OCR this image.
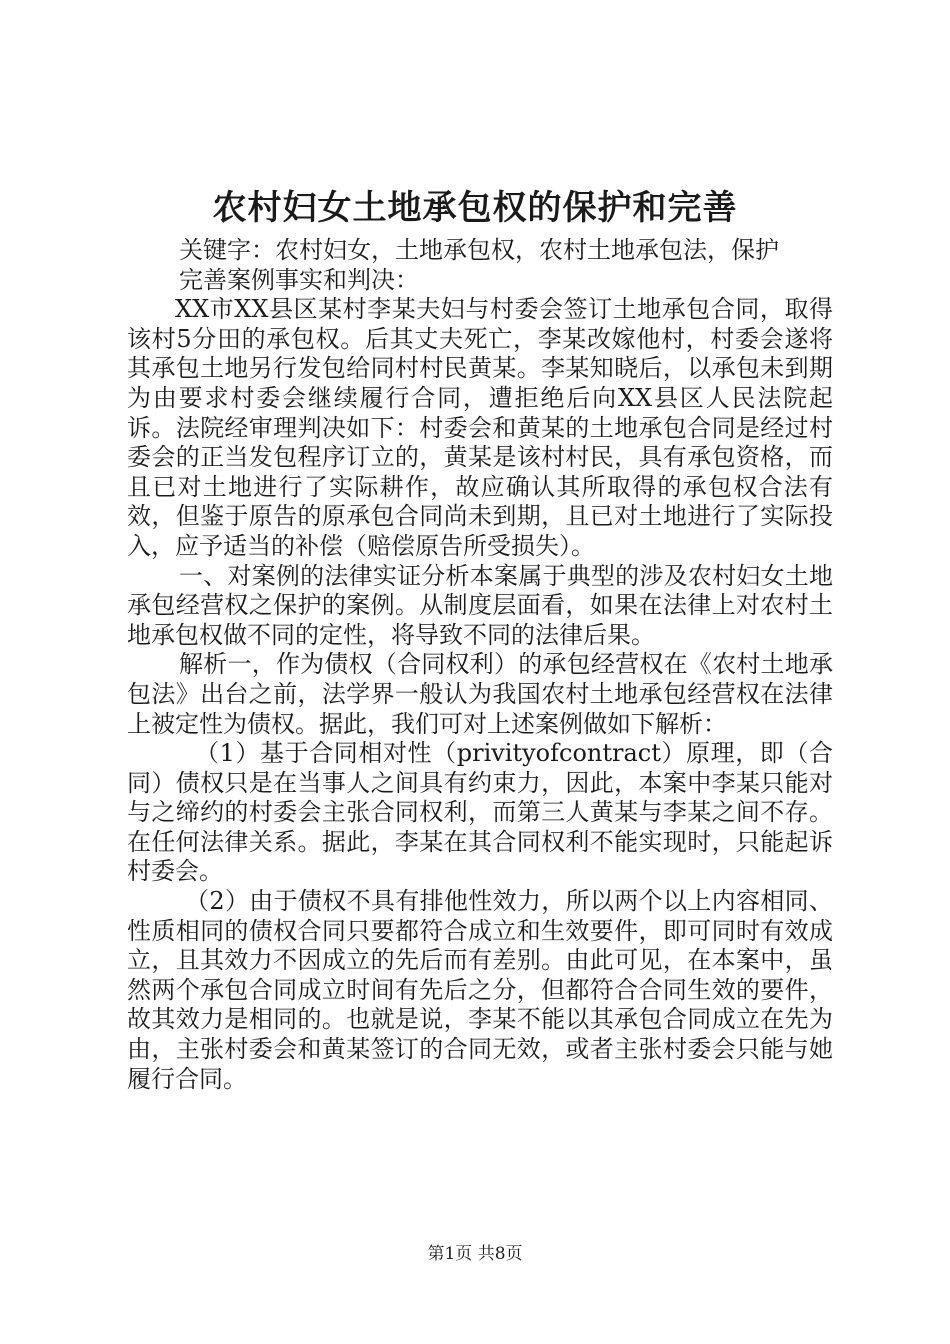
农村妇女土地承包权的保护和完善

关键字：农村妇女，土地承包权，农村土地承包法，保护

完善案例事实和判决：

XX市XX县区某村李某夫妇与村委会签订土地承包合同，取得该村5分田的承包权。后其丈夫死亡，李某改嫁他村，村委会遂将其承包土地另行发包给同村村民黄某。李某知晓后，以承包未到期为由要求村委会继续履行合同，遭拒绝后向XX县区人民法院起诉。法院经审理判决如下：村委会和黄某的土地承包合同是经过村委会的正当发包程序订立的，黄某是该村村民，具有承包资格，而且已对土地进行了实际耕作，故应确认其所取得的承包权合法有效，但鉴于原告的原承包合同尚未到期，且已对土地进行了实际投入，应予适当的补偿（赔偿原告所受损失）。

一、对案例的法律实证分析本案属于典型的涉及农村妇女土地承包经营权之保护的案例。从制度层面看，如果在法律上对农村土地承包权做不同的定性，将导致不同的法律后果。

解析一，作为债权（合同权利）的承包经营权在《农村土地承包法》出台之前，法学界一般认为我国农村土地承包经营权在法律上被定性为债权。据此，我们可对上述案例做如下解析：

（1）基于合同相对性（privityofcontract）原理，即（合同）债权只是在当事人之间具有约束力，因此，本案中李某只能对与之缔约的村委会主张合同权利，而第三人黄某与李某之间不存。在任何法律关系。据此，李某在其合同权利不能实现时，只能起诉村委会。

（2）由于债权不具有排他性效力，所以两个以上内容相同、性质相同的债权合同只要都符合成立和生效要件，即可同时有效成立，且其效力不因成立的先后而有差别。由此可见，在本案中，虽然两个承包合同成立时间有先后之分，但都符合合同生效的要件，故其效力是相同的。也就是说，李某不能以其承包合同成立在先为由，主张村委会和黄某签订的合同无效，或者主张村委会只能与她履行合同。

第1页 共8页
